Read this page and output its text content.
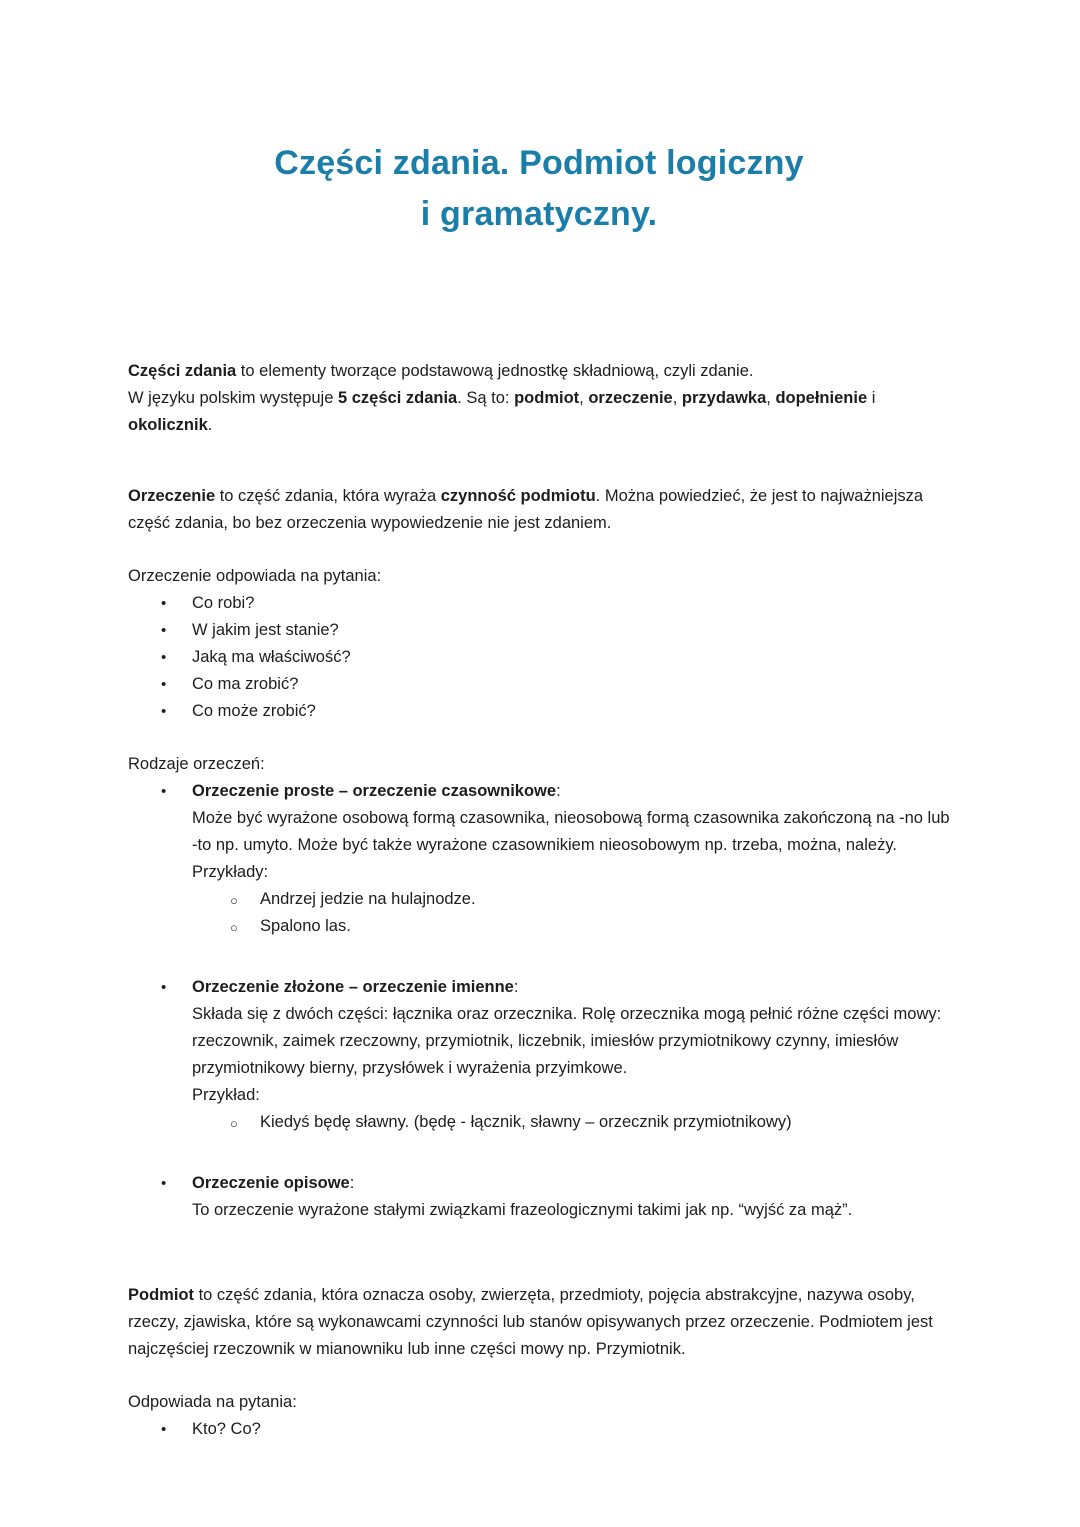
Części zdania. Podmiot logiczny
i gramatyczny.

Części zdania to elementy tworzące podstawową jednostkę składniową, czyli zdanie.

W języku polskim występuje 5 części zdania. Są to: podmiot, orzeczenie, przydawka, dopełnienie i okolicznik.

Orzeczenie to część zdania, która wyraża czynność podmiotu. Można powiedzieć, że jest to najważniejsza część zdania, bo bez orzeczenia wypowiedzenie nie jest zdaniem.

Orzeczenie odpowiada na pytania:

• Co robi?
• W jakim jest stanie?
• Jaką ma właściwość?
• Co ma zrobić?
• Co może zrobić?

Rodzaje orzeczeń:

• Orzeczenie proste – orzeczenie czasownikowe:

Może być wyrażone osobową formą czasownika, nieosobową formą czasownika zakończoną na -no lub -to np. umyto. Może być także wyrażone czasownikiem nieosobowym np. trzeba, można, należy.

Przykłady:

○ Andrzej jedzie na hulajnodze.
○ Spalono las.
• Orzeczenie złożone – orzeczenie imienne:

Składa się z dwóch części: łącznika oraz orzecznika. Rolę orzecznika mogą pełnić różne części mowy: rzeczownik, zaimek rzeczowny, przymiotnik, liczebnik, imiesłów przymiotnikowy czynny, imiesłów przymiotnikowy bierny, przysłówek i wyrażenia przyimkowe.

Przykład:

○ Kiedyś będę sławny. (będę - łącznik, sławny – orzecznik przymiotnikowy)
• Orzeczenie opisowe:

To orzeczenie wyrażone stałymi związkami frazeologicznymi takimi jak np. “wyjść za mąż”.

Podmiot to część zdania, która oznacza osoby, zwierzęta, przedmioty, pojęcia abstrakcyjne, nazywa osoby, rzeczy, zjawiska, które są wykonawcami czynności lub stanów opisywanych przez orzeczenie. Podmiotem jest najczęściej rzeczownik w mianowniku lub inne części mowy np. Przymiotnik.

Odpowiada na pytania:

• Kto? Co?
